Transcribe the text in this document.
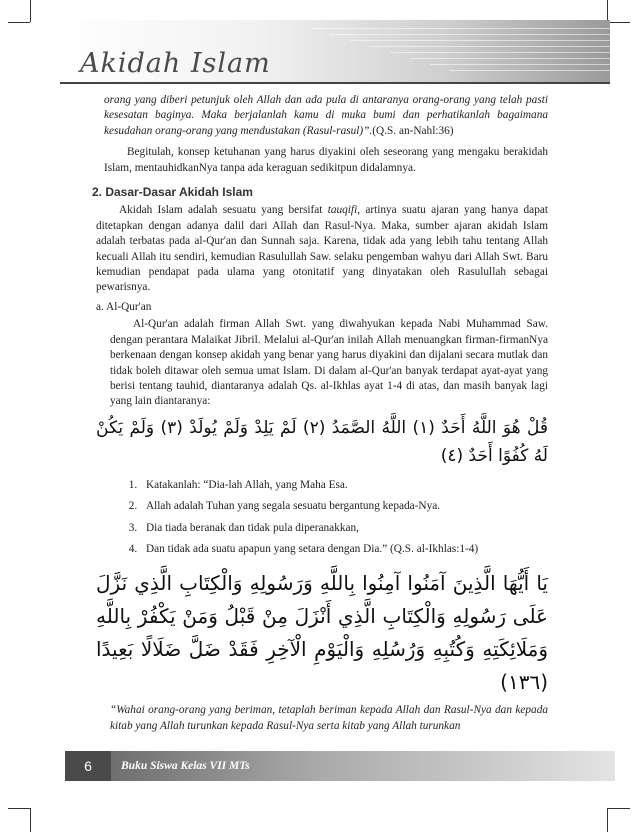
Akidah Islam

orang yang diberi petunjuk oleh Allah dan ada pula di antaranya orang-orang yang telah pasti kesesatan baginya. Maka berjalanlah kamu di muka bumi dan perhatikanlah bagaimana kesudahan orang-orang yang mendustakan (Rasul-rasul)”.(Q.S. an-Nahl:36)

Begitulah, konsep ketuhanan yang harus diyakini oleh seseorang yang mengaku berakidah Islam, mentauhidkanNya tanpa ada keraguan sedikitpun didalamnya.

2. Dasar-Dasar Akidah Islam

Akidah Islam adalah sesuatu yang bersifat tauqifi, artinya suatu ajaran yang hanya dapat ditetapkan dengan adanya dalil dari Allah dan Rasul-Nya. Maka, sumber ajaran akidah Islam adalah terbatas pada al-Qur'an dan Sunnah saja. Karena, tidak ada yang lebih tahu tentang Allah kecuali Allah itu sendiri, kemudian Rasulullah Saw. selaku pengemban wahyu dari Allah Swt. Baru kemudian pendapat pada ulama yang otonitatif yang dinyatakan oleh Rasulullah sebagai pewarisnya.

a. Al-Qur'an

Al-Qur'an adalah firman Allah Swt. yang diwahyukan kepada Nabi Muhammad Saw. dengan perantara Malaikat Jibril. Melalui al-Qur'an inilah Allah menuangkan firman-firmanNya berkenaan dengan konsep akidah yang benar yang harus diyakini dan dijalani secara mutlak dan tidak boleh ditawar oleh semua umat Islam. Di dalam al-Qur'an banyak terdapat ayat-ayat yang berisi tentang tauhid, diantaranya adalah Qs. al-Ikhlas ayat 1-4 di atas, dan masih banyak lagi yang lain diantaranya:

قُلْ هُوَ اللَّهُ أَحَدٌ (١) اللَّهُ الصَّمَدُ (٢) لَمْ يَلِدْ وَلَمْ يُولَدْ (٣) وَلَمْ يَكُنْ لَهُ كُفُوًا أَحَدٌ (٤)

1. Katakanlah: “Dia-lah Allah, yang Maha Esa.
2. Allah adalah Tuhan yang segala sesuatu bergantung kepada-Nya.
3. Dia tiada beranak dan tidak pula diperanakkan,
4. Dan tidak ada suatu apapun yang setara dengan Dia.” (Q.S. al-Ikhlas:1-4)

يَا أَيُّهَا الَّذِينَ آمَنُوا آمِنُوا بِاللَّهِ وَرَسُولِهِ وَالْكِتَابِ الَّذِي نَزَّلَ عَلَى رَسُولِهِ وَالْكِتَابِ الَّذِي أَنْزَلَ مِنْ قَبْلُ وَمَنْ يَكْفُرْ بِاللَّهِ وَمَلَائِكَتِهِ وَكُتُبِهِ وَرُسُلِهِ وَالْيَوْمِ الْآخِرِ فَقَدْ ضَلَّ ضَلَالًا بَعِيدًا (١٣٦)

“Wahai orang-orang yang beriman, tetaplah beriman kepada Allah dan Rasul-Nya dan kepada kitab yang Allah turunkan kepada Rasul-Nya serta kitab yang Allah turunkan

6	Buku Siswa Kelas VII MTs
